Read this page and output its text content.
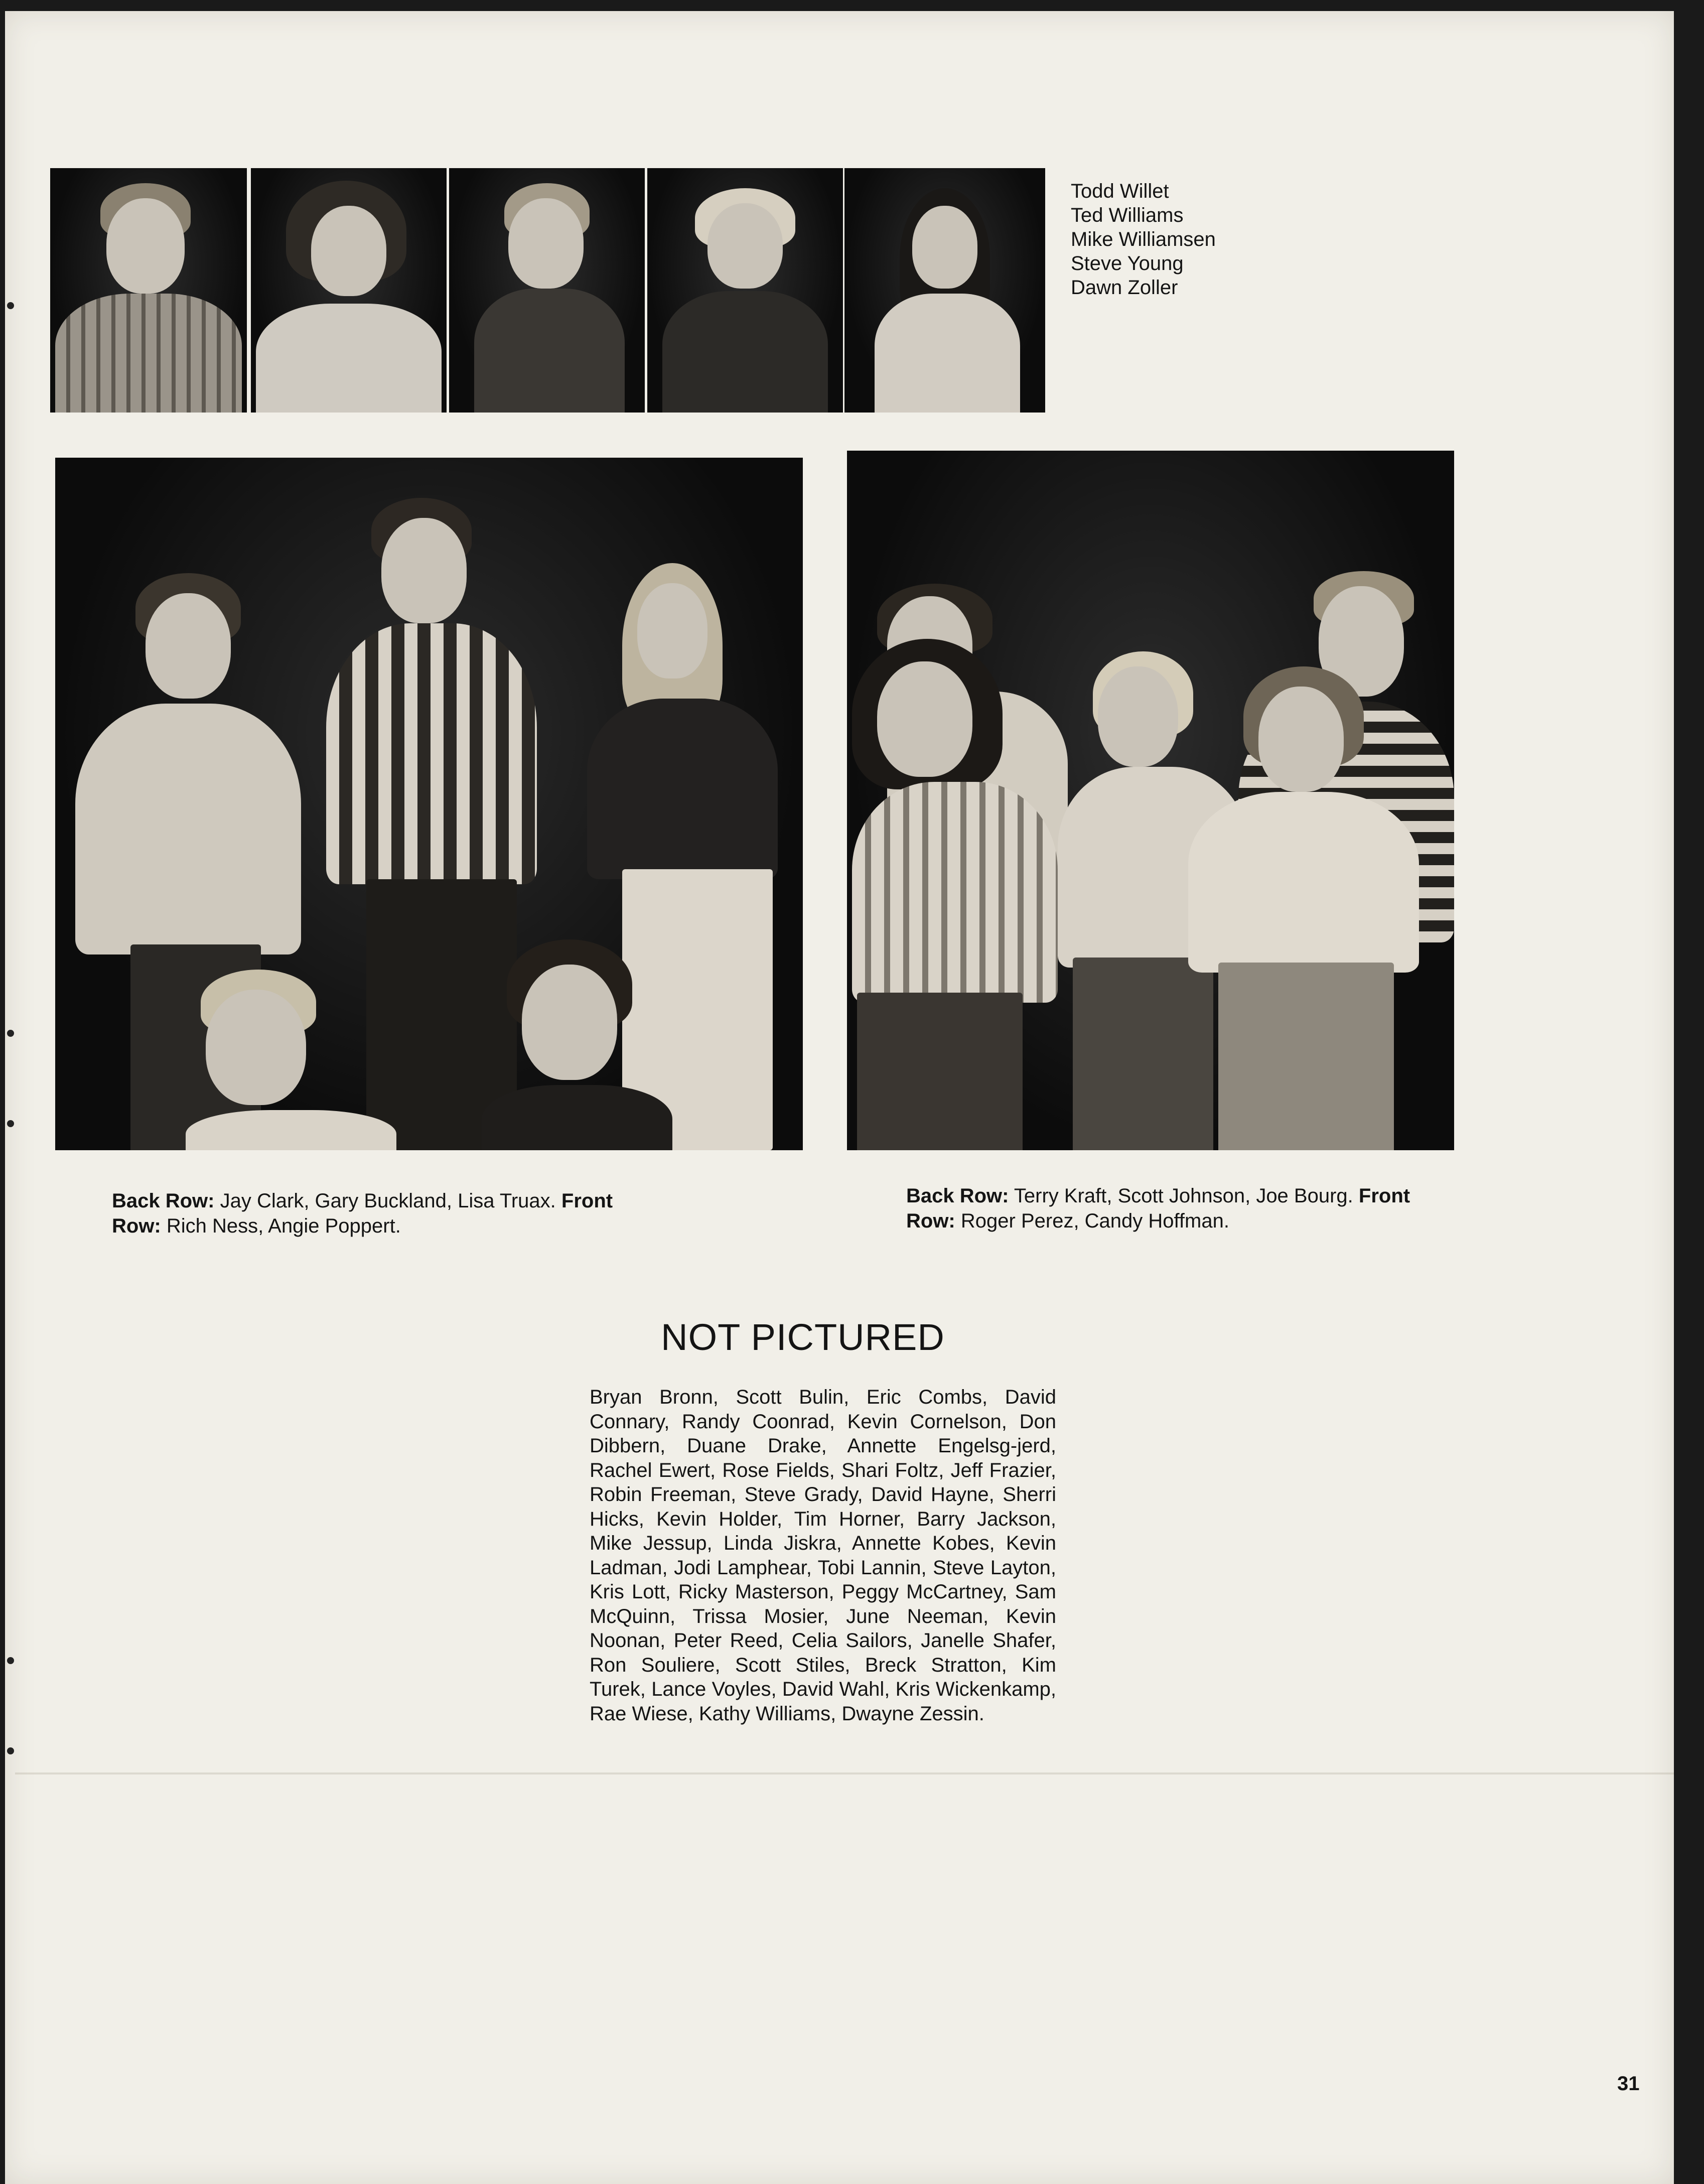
Todd Willet
Ted Williams
Mike Williamsen
Steve Young
Dawn Zoller

Back Row: Jay Clark, Gary Buckland, Lisa Truax. Front
Row: Rich Ness, Angie Poppert.

Back Row: Terry Kraft, Scott Johnson, Joe Bourg. Front
Row: Roger Perez, Candy Hoffman.

NOT PICTURED

Bryan Bronn, Scott Bulin, Eric Combs, David Connary, Randy Coonrad, Kevin Cornelson, Don Dibbern, Duane Drake, Annette Engelsg-jerd, Rachel Ewert, Rose Fields, Shari Foltz, Jeff Frazier, Robin Freeman, Steve Grady, David Hayne, Sherri Hicks, Kevin Holder, Tim Horner, Barry Jackson, Mike Jessup, Linda Jiskra, Annette Kobes, Kevin Ladman, Jodi Lamphear, Tobi Lannin, Steve Layton, Kris Lott, Ricky Masterson, Peggy McCartney, Sam McQuinn, Trissa Mosier, June Neeman, Kevin Noonan, Peter Reed, Celia Sailors, Janelle Shafer, Ron Souliere, Scott Stiles, Breck Stratton, Kim Turek, Lance Voyles, David Wahl, Kris Wickenkamp, Rae Wiese, Kathy Williams, Dwayne Zessin.

31
